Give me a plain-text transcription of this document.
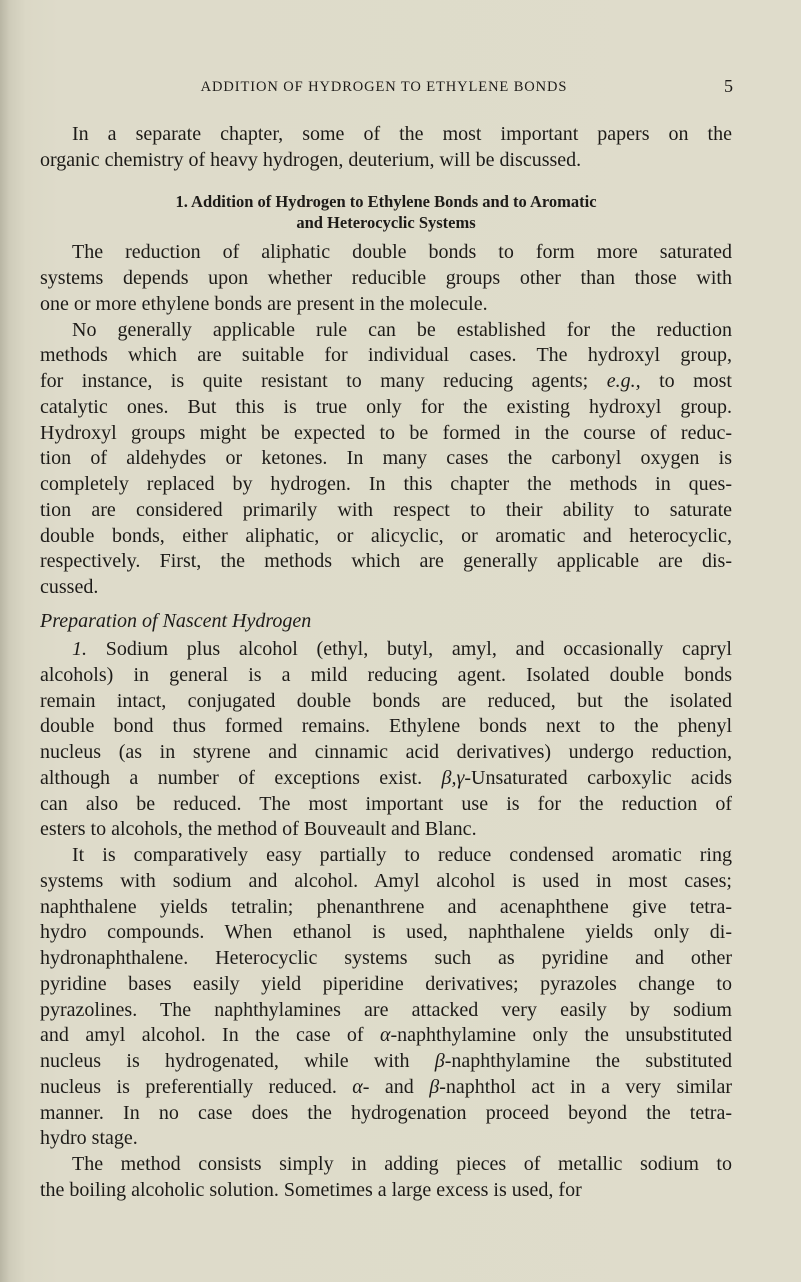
ADDITION OF HYDROGEN TO ETHYLENE BONDS	5
In a separate chapter, some of the most important papers on the
organic chemistry of heavy hydrogen, deuterium, will be discussed.
1. Addition of Hydrogen to Ethylene Bonds and to Aromatic
and Heterocyclic Systems
The reduction of aliphatic double bonds to form more saturated
systems depends upon whether reducible groups other than those with
one or more ethylene bonds are present in the molecule.
No generally applicable rule can be established for the reduction
methods which are suitable for individual cases. The hydroxyl group,
for instance, is quite resistant to many reducing agents; e.g., to most
catalytic ones. But this is true only for the existing hydroxyl group.
Hydroxyl groups might be expected to be formed in the course of reduc-
tion of aldehydes or ketones. In many cases the carbonyl oxygen is
completely replaced by hydrogen. In this chapter the methods in ques-
tion are considered primarily with respect to their ability to saturate
double bonds, either aliphatic, or alicyclic, or aromatic and heterocyclic,
respectively. First, the methods which are generally applicable are dis-
cussed.
Preparation of Nascent Hydrogen
1. Sodium plus alcohol (ethyl, butyl, amyl, and occasionally capryl
alcohols) in general is a mild reducing agent. Isolated double bonds
remain intact, conjugated double bonds are reduced, but the isolated
double bond thus formed remains. Ethylene bonds next to the phenyl
nucleus (as in styrene and cinnamic acid derivatives) undergo reduction,
although a number of exceptions exist. β,γ-Unsaturated carboxylic acids
can also be reduced. The most important use is for the reduction of
esters to alcohols, the method of Bouveault and Blanc.
It is comparatively easy partially to reduce condensed aromatic ring
systems with sodium and alcohol. Amyl alcohol is used in most cases;
naphthalene yields tetralin; phenanthrene and acenaphthene give tetra-
hydro compounds. When ethanol is used, naphthalene yields only di-
hydronaphthalene. Heterocyclic systems such as pyridine and other
pyridine bases easily yield piperidine derivatives; pyrazoles change to
pyrazolines. The naphthylamines are attacked very easily by sodium
and amyl alcohol. In the case of α-naphthylamine only the unsubstituted
nucleus is hydrogenated, while with β-naphthylamine the substituted
nucleus is preferentially reduced. α- and β-naphthol act in a very similar
manner. In no case does the hydrogenation proceed beyond the tetra-
hydro stage.
The method consists simply in adding pieces of metallic sodium to
the boiling alcoholic solution. Sometimes a large excess is used, for
